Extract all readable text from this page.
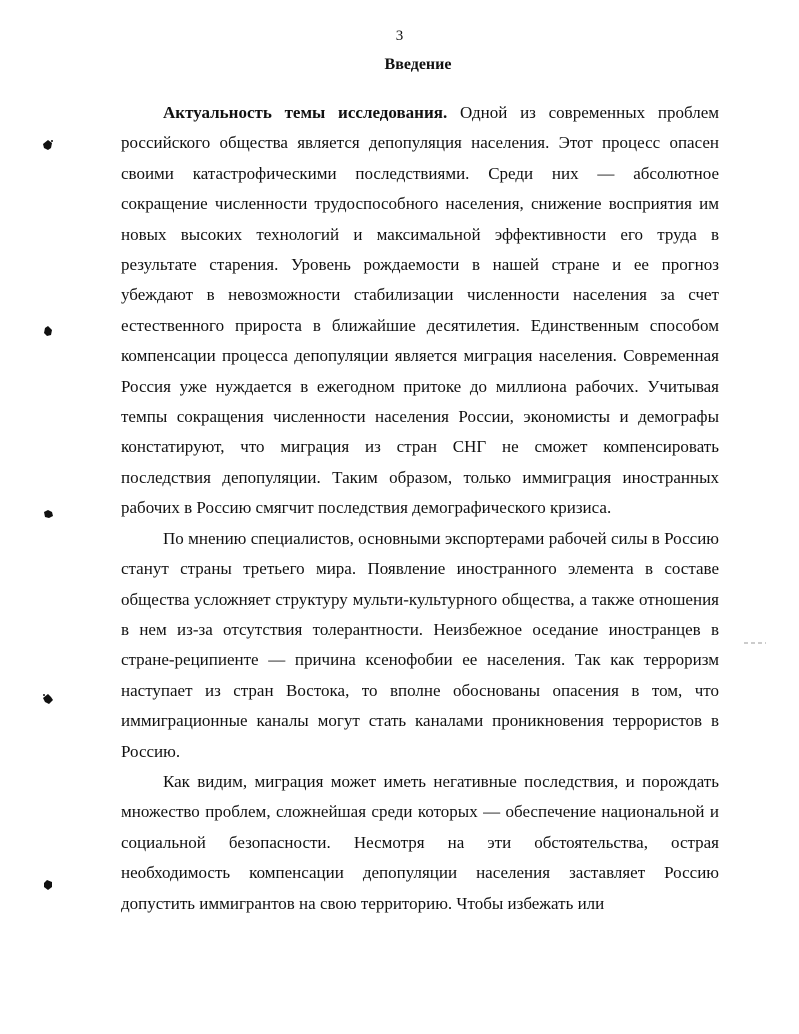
3
Введение

Актуальность темы исследования. Одной из современных проблем российского общества является депопуляция населения. Этот процесс опасен своими катастрофическими последствиями. Среди них — абсолютное сокращение численности трудоспособного населения, снижение восприятия им новых высоких технологий и максимальной эффективности его труда в результате старения. Уровень рождаемости в нашей стране и ее прогноз убеждают в невозможности стабилизации численности населения за счет естественного прироста в ближайшие десятилетия. Единственным способом компенсации процесса депопуляции является миграция населения. Современная Россия уже нуждается в ежегодном притоке до миллиона рабочих. Учитывая темпы сокращения численности населения России, экономисты и демографы констатируют, что миграция из стран СНГ не сможет компенсировать последствия депопуляции. Таким образом, только иммиграция иностранных рабочих в Россию смягчит последствия демографического кризиса.

По мнению специалистов, основными экспортерами рабочей силы в Россию станут страны третьего мира. Появление иностранного элемента в составе общества усложняет структуру мульти-культурного общества, а также отношения в нем из-за отсутствия толерантности. Неизбежное оседание иностранцев в стране-реципиенте — причина ксенофобии ее населения. Так как терроризм наступает из стран Востока, то вполне обоснованы опасения в том, что иммиграционные каналы могут стать каналами проникновения террористов в Россию.

Как видим, миграция может иметь негативные последствия, и порождать множество проблем, сложнейшая среди которых — обеспечение национальной и социальной безопасности. Несмотря на эти обстоятельства, острая необходимость компенсации депопуляции населения заставляет Россию допустить иммигрантов на свою территорию. Чтобы избежать или
